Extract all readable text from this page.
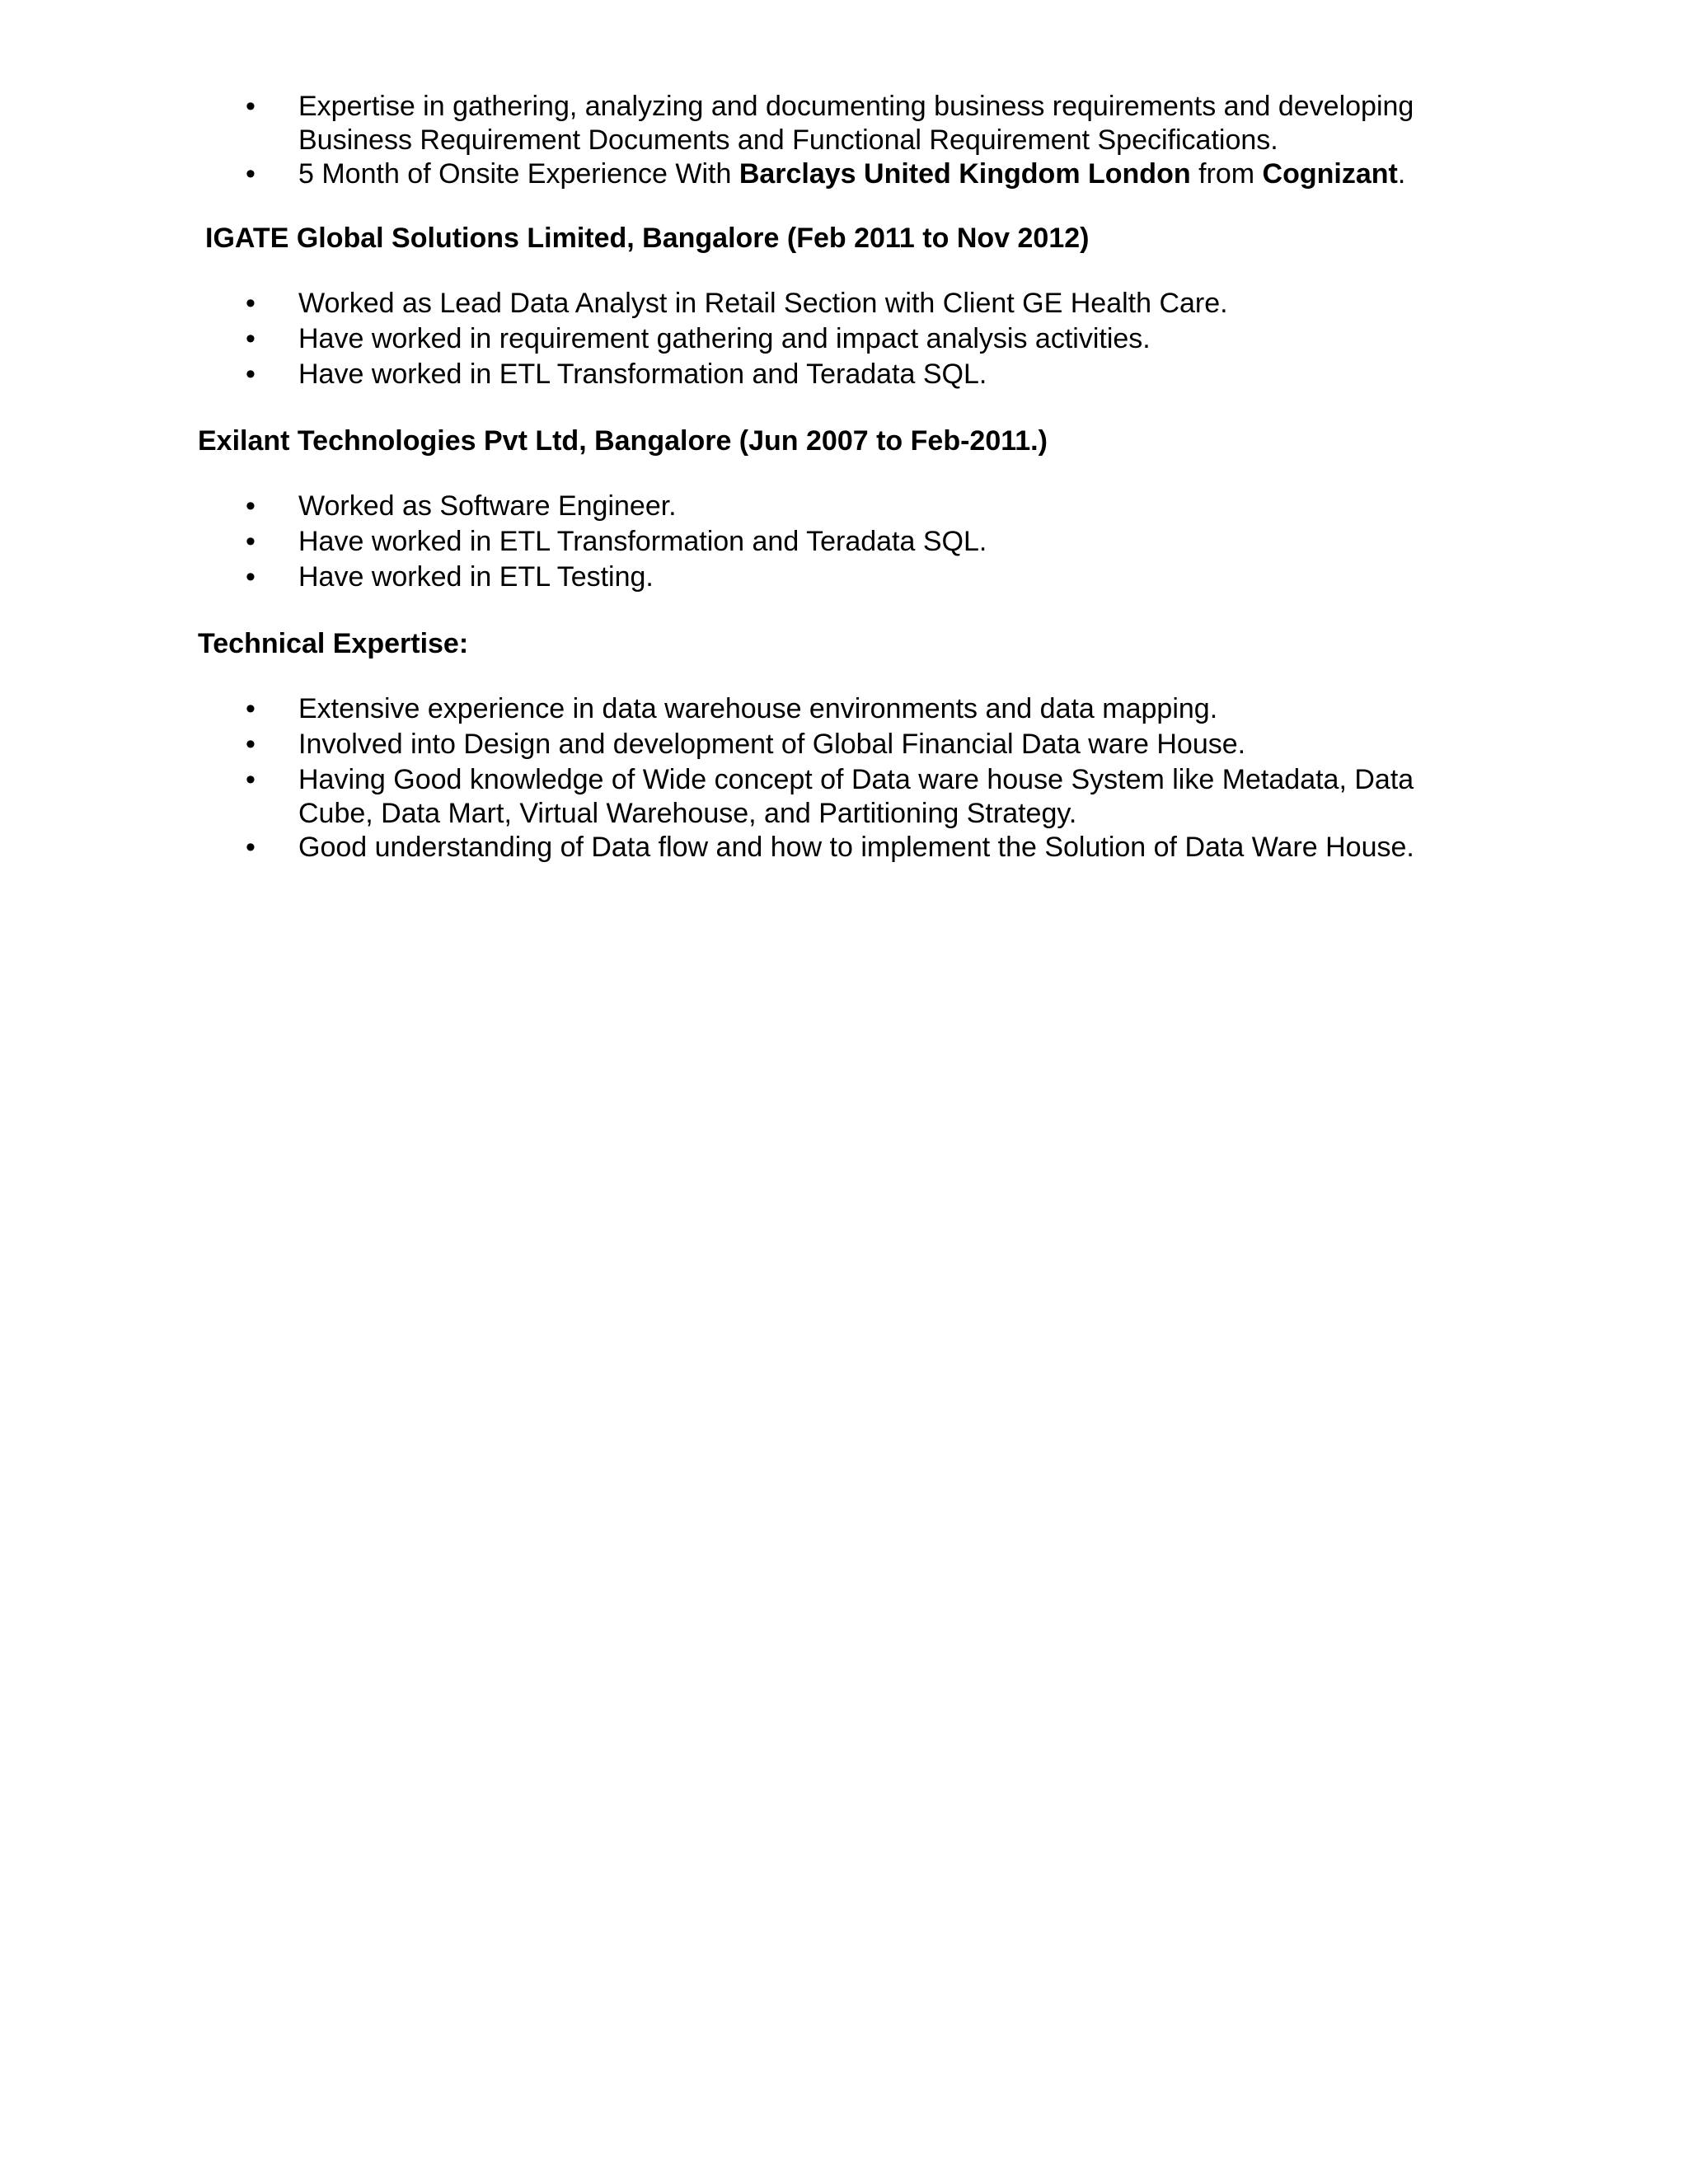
• Expertise in gathering, analyzing and documenting business requirements and developing Business Requirement Documents and Functional Requirement Specifications.
• 5 Month of Onsite Experience With Barclays United Kingdom London from Cognizant.
IGATE Global Solutions Limited, Bangalore (Feb 2011 to Nov 2012)
• Worked as Lead Data Analyst in Retail Section with Client GE Health Care.
• Have worked in requirement gathering and impact analysis activities.
• Have worked in ETL Transformation and Teradata SQL.
Exilant Technologies Pvt Ltd, Bangalore (Jun 2007 to Feb-2011.)
• Worked as Software Engineer.
• Have worked in ETL Transformation and Teradata SQL.
• Have worked in ETL Testing.
Technical Expertise:
• Extensive experience in data warehouse environments and data mapping.
• Involved into Design and development of Global Financial Data ware House.
• Having Good knowledge of Wide concept of Data ware house System like Metadata, Data Cube, Data Mart, Virtual Warehouse, and Partitioning Strategy.
• Good understanding of Data flow and how to implement the Solution of Data Ware House.
